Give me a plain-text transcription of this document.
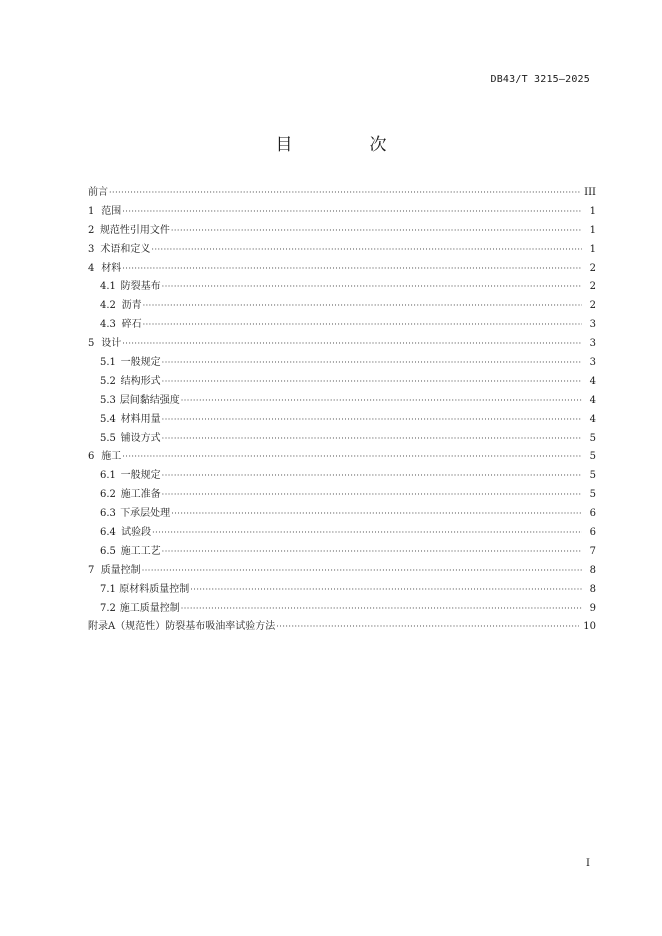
DB43/T 3215—2025
目　次
前言 ·····	III
1 范围 ·····	1
2 规范性引用文件 ·····	1
3 术语和定义 ·····	1
4 材料 ·····	2
4.1 防裂基布 ·····	2
4.2 沥青 ·····	2
4.3 碎石 ·····	3
5 设计 ·····	3
5.1 一般规定 ·····	3
5.2 结构形式 ·····	4
5.3 层间黏结强度 ·····	4
5.4 材料用量 ·····	4
5.5 铺设方式 ·····	5
6 施工 ·····	5
6.1 一般规定 ·····	5
6.2 施工准备 ·····	5
6.3 下承层处理 ·····	6
6.4 试验段 ·····	6
6.5 施工工艺 ·····	7
7 质量控制 ·····	8
7.1 原材料质量控制 ·····	8
7.2 施工质量控制 ·····	9
附录A（规范性）防裂基布吸油率试验方法 ·····	10
I
